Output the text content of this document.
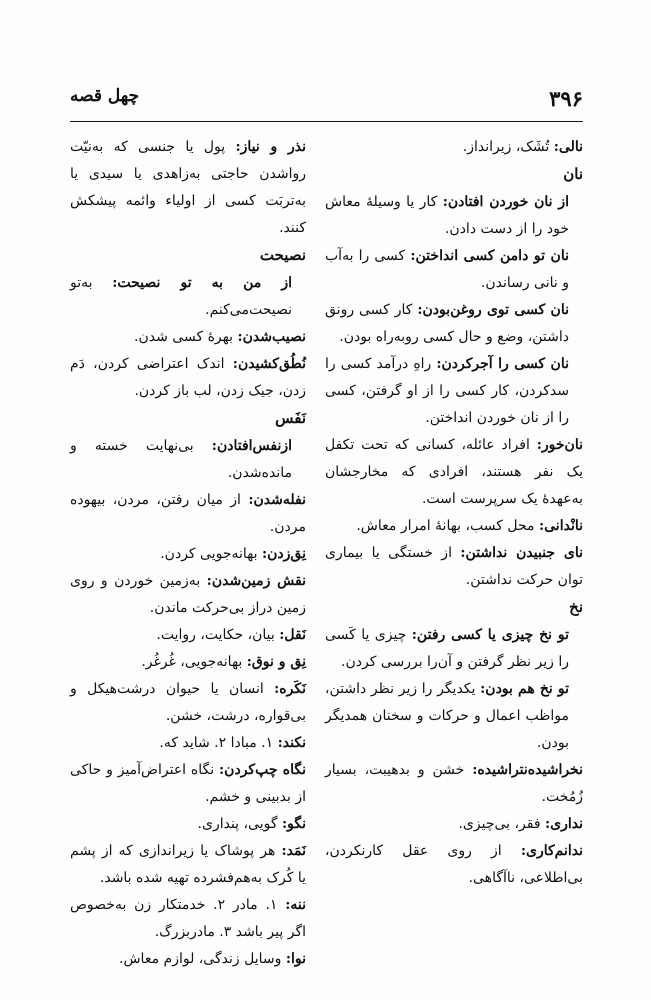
۳۹۶
چهل قصه
نالی: تُشَک، زیرانداز.
نان
از نان خوردن افتادن: کار یا وسیلهٔ معاش خود را از دست دادن.
نان تو دامن کسی انداختن: کسی را به‌آب و نانی رساندن.
نان کسی توی روغن‌بودن: کار کسی رونق داشتن، وضع و حال کسی روبه‌راه بودن.
نان کسی را آجرکردن: راهِ درآمد کسی را سدکردن، کار کسی را از او گرفتن، کسی را از نان خوردن انداختن.
نان‌خور: افراد عائله، کسانی که تحت تکفل یک نفر هستند، افرادی که مخارجشان به‌عهدهٔ یک سرپرست است.
نانْدانی: محل کسب، بهانهٔ امرار معاش.
نای جنبیدن نداشتن: از خستگی یا بیماری توان حرکت نداشتن.
نخ
تو نخ چیزی یا کسی رفتن: چیزی یا کَسی را زیر نظر گرفتن و آن‌را بررسی کردن.
تو نخ هم بودن: یکدیگر را زیر نظر داشتن، مواظب اعمال و حرکات و سخنان همدیگر بودن.
نخراشیده‌نتراشیده: خشن و بدهیبت، بسیار زُمُخت.
نداری: فقر، بی‌چیزی.
ندانم‌کاری: از روی عقل کارنکردن، بی‌اطلاعی، ناآگاهی.
نذر و نیاز: پول یا جنسی که به‌نیّت رواشدن حاجتی به‌زاهدی یا سیدی یا به‌تربَت کسی از اولیاء وائمه پیشکش کنند.
نصیحت
از من به تو نصیحت: به‌تو نصیحت‌می‌کنم.
نصیب‌شدن: بهرهٔ کسی شدن.
نُطُق‌کشیدن: اندک اعتراضی کردن، دَم زدن، جیک زدن، لب باز کردن.
نَفَس
ازنفس‌افتادن: بی‌نهایت خسته و مانده‌شدن.
نفله‌شدن: از میان رفتن، مردن، بیهوده مردن.
نِق‌زدن: بهانه‌جویی کردن.
نقش زمین‌شدن: به‌زمین خوردن و روی زمین دراز بی‌حرکت ماندن.
نَقل: بیان، حکایت، روایت.
نِق و نوق: بهانه‌جویی، غُرغُر.
نَکَره: انسان یا حیوان درشت‌هیکل و بی‌قواره، درشت، خشن.
نکند: ۱. مبادا ۲. شاید که.
نگاه چپ‌کردن: نگاه اعتراض‌آمیز و حاکی از بدبینی و خشم.
نگو: گویی، پنداری.
نَمَد: هر پوشاک یا زیراندازی که از پشم یا کُرک به‌هم‌فشرده تهیه شده باشد.
ننه: ۱. مادر ۲. خدمتکار زن به‌خصوص اگر پیر باشد ۳. مادربزرگ.
نوا: وسایل زندگی، لوازم معاش.
